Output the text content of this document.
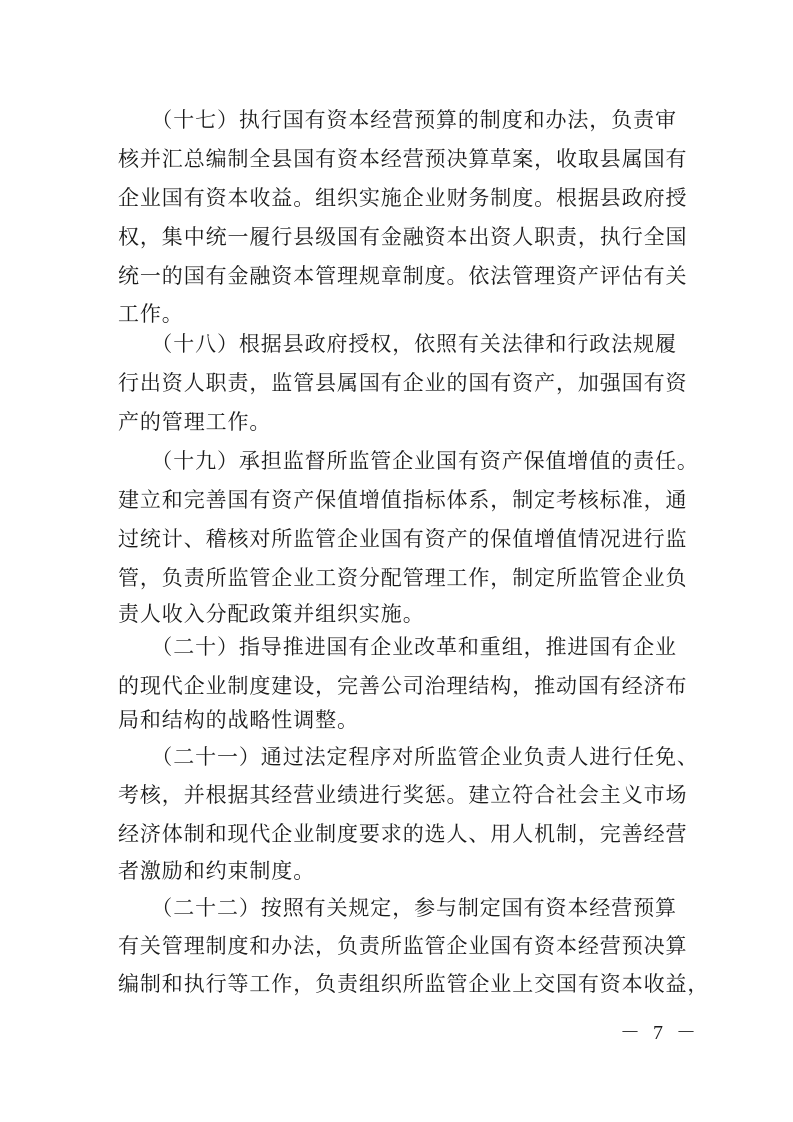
　　（十七）执行国有资本经营预算的制度和办法，负责审
核并汇总编制全县国有资本经营预决算草案，收取县属国有
企业国有资本收益。组织实施企业财务制度。根据县政府授
权，集中统一履行县级国有金融资本出资人职责，执行全国
统一的国有金融资本管理规章制度。依法管理资产评估有关
工作。
　　（十八）根据县政府授权，依照有关法律和行政法规履
行出资人职责，监管县属国有企业的国有资产，加强国有资
产的管理工作。
　　（十九）承担监督所监管企业国有资产保值增值的责任。
建立和完善国有资产保值增值指标体系，制定考核标准，通
过统计、稽核对所监管企业国有资产的保值增值情况进行监
管，负责所监管企业工资分配管理工作，制定所监管企业负
责人收入分配政策并组织实施。
　　（二十）指导推进国有企业改革和重组，推进国有企业
的现代企业制度建设，完善公司治理结构，推动国有经济布
局和结构的战略性调整。
　　（二十一）通过法定程序对所监管企业负责人进行任免、
考核，并根据其经营业绩进行奖惩。建立符合社会主义市场
经济体制和现代企业制度要求的选人、用人机制，完善经营
者激励和约束制度。
　　（二十二）按照有关规定，参与制定国有资本经营预算
有关管理制度和办法，负责所监管企业国有资本经营预决算
编制和执行等工作，负责组织所监管企业上交国有资本收益，
－ 7 －
